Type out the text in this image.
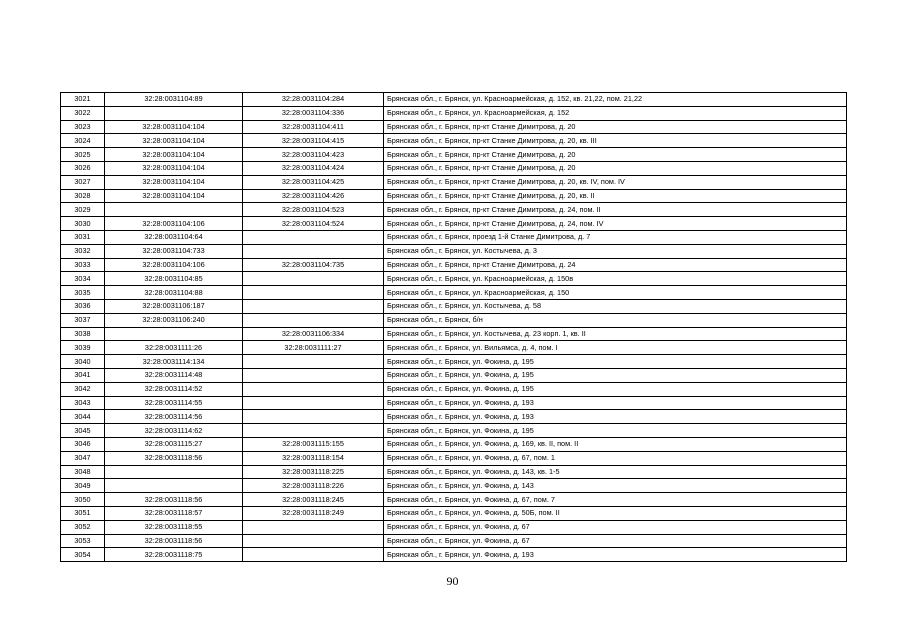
3021	32:28:0031104:89	32:28:0031104:284	Брянская обл., г. Брянск, ул. Красноармейская, д. 152, кв. 21,22, пом. 21,22
3022		32:28:0031104:336	Брянская обл., г. Брянск, ул. Красноармейская, д. 152
3023	32:28:0031104:104	32:28:0031104:411	Брянская обл., г. Брянск, пр-кт Станке Димитрова, д. 20
3024	32:28:0031104:104	32:28:0031104:415	Брянская обл., г. Брянск, пр-кт Станке Димитрова, д. 20, кв. III
3025	32:28:0031104:104	32:28:0031104:423	Брянская обл., г. Брянск, пр-кт Станке Димитрова, д. 20
3026	32:28:0031104:104	32:28:0031104:424	Брянская обл., г. Брянск, пр-кт Станке Димитрова, д. 20
3027	32:28:0031104:104	32:28:0031104:425	Брянская обл., г. Брянск, пр-кт Станке Димитрова, д. 20, кв. IV, пом. IV
3028	32:28:0031104:104	32:28:0031104:426	Брянская обл., г. Брянск, пр-кт Станке Димитрова, д. 20, кв. II
3029		32:28:0031104:523	Брянская обл., г. Брянск, пр-кт Станке Димитрова, д. 24, пом. II
3030	32:28:0031104:106	32:28:0031104:524	Брянская обл., г. Брянск, пр-кт Станке Димитрова, д. 24, пом. IV
3031	32:28:0031104:64		Брянская обл., г. Брянск, проезд 1-й Станке Димитрова, д. 7
3032	32:28:0031104:733		Брянская обл., г. Брянск, ул. Костычева, д. 3
3033	32:28:0031104:106	32:28:0031104:735	Брянская обл., г. Брянск, пр-кт Станке Димитрова, д. 24
3034	32:28:0031104:85		Брянская обл., г. Брянск, ул. Красноармейская, д. 150в
3035	32:28:0031104:88		Брянская обл., г. Брянск, ул. Красноармейская, д. 150
3036	32:28:0031106:187		Брянская обл., г. Брянск, ул. Костычева, д. 58
3037	32:28:0031106:240		Брянская обл., г. Брянск, б/н
3038		32:28:0031106:334	Брянская обл., г. Брянск, ул. Костычева, д. 23 корп. 1, кв. II
3039	32:28:0031111:26	32:28:0031111:27	Брянская обл., г. Брянск, ул. Вильямса, д. 4, пом. I
3040	32:28:0031114:134		Брянская обл., г. Брянск, ул. Фокина, д. 195
3041	32:28:0031114:48		Брянская обл., г. Брянск, ул. Фокина, д. 195
3042	32:28:0031114:52		Брянская обл., г. Брянск, ул. Фокина, д. 195
3043	32:28:0031114:55		Брянская обл., г. Брянск, ул. Фокина, д. 193
3044	32:28:0031114:56		Брянская обл., г. Брянск, ул. Фокина, д. 193
3045	32:28:0031114:62		Брянская обл., г. Брянск, ул. Фокина, д. 195
3046	32:28:0031115:27	32:28:0031115:155	Брянская обл., г. Брянск, ул. Фокина, д. 169, кв. II, пом. II
3047	32:28:0031118:56	32:28:0031118:154	Брянская обл., г. Брянск, ул. Фокина, д. 67, пом. 1
3048		32:28:0031118:225	Брянская обл., г. Брянск, ул. Фокина, д. 143, кв. 1-5
3049		32:28:0031118:226	Брянская обл., г. Брянск, ул. Фокина, д. 143
3050	32:28:0031118:56	32:28:0031118:245	Брянская обл., г. Брянск, ул. Фокина, д. 67, пом. 7
3051	32:28:0031118:57	32:28:0031118:249	Брянская обл., г. Брянск, ул. Фокина, д. 50Б, пом. II
3052	32:28:0031118:55		Брянская обл., г. Брянск, ул. Фокина, д. 67
3053	32:28:0031118:56		Брянская обл., г. Брянск, ул. Фокина, д. 67
3054	32:28:0031118:75		Брянская обл., г. Брянск, ул. Фокина, д. 193
90
